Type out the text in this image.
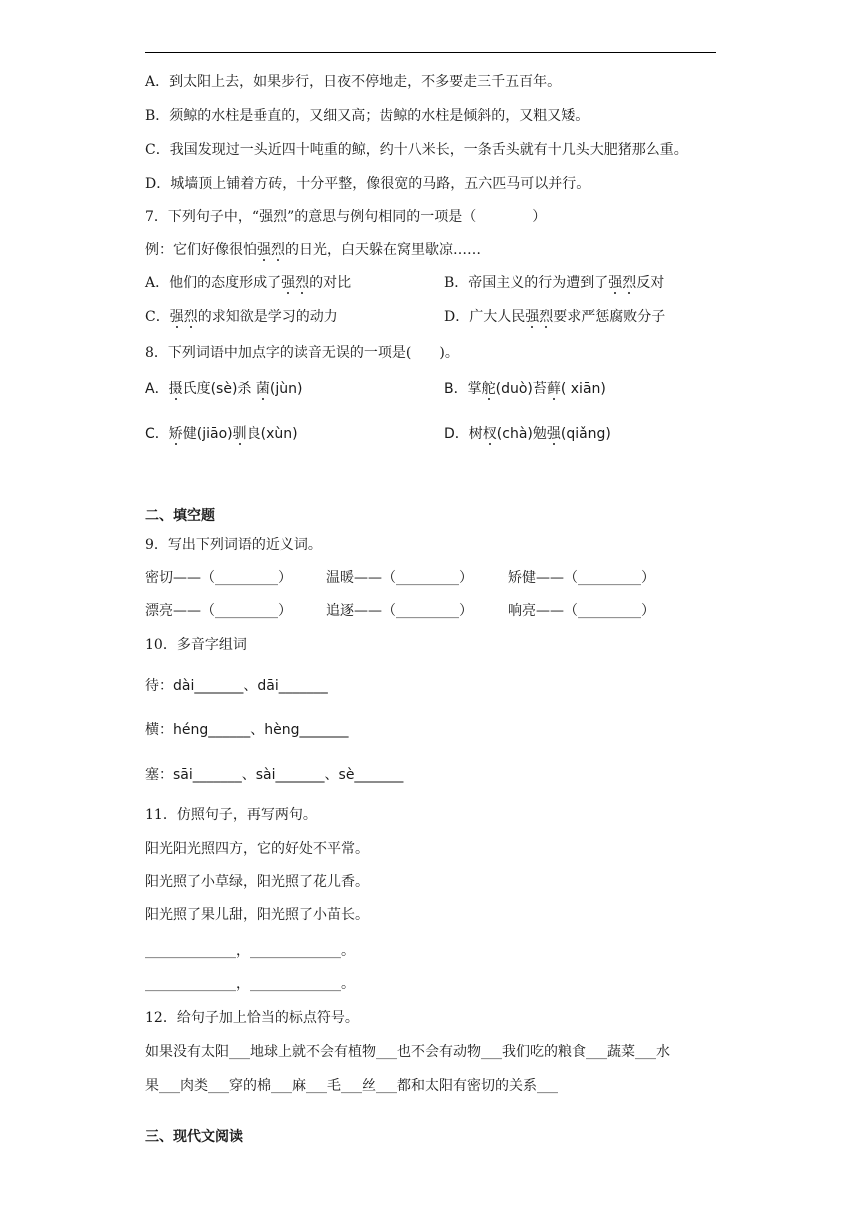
A．到太阳上去，如果步行，日夜不停地走，不多要走三千五百年。
B．须鲸的水柱是垂直的，又细又高；齿鲸的水柱是倾斜的，又粗又矮。
C．我国发现过一头近四十吨重的鲸，约十八米长，一条舌头就有十几头大肥猪那么重。
D．城墙顶上铺着方砖，十分平整，像很宽的马路，五六匹马可以并行。
7．下列句子中，“强烈”的意思与例句相同的一项是（　　　　）
例：它们好像很怕强烈的日光，白天躲在窝里歇凉……
A．他们的态度形成了强烈的对比	B．帝国主义的行为遭到了强烈反对
C．强烈的求知欲是学习的动力	D．广大人民强烈要求严惩腐败分子
8．下列词语中加点字的读音无误的一项是(　　)。
A．摄氏度(sè)杀 菌(jùn)	B．掌舵(duò)苔藓( xiān)
C．矫健(jiāo)驯良(xùn)	D．树杈(chà)勉强(qiǎng)
二、填空题
9．写出下列词语的近义词。
密切——（_________） 温暖——（_________）	矫健——（_________）
漂亮——（_________） 追逐——（_________）	响亮——（_________）
10．多音字组词
待：dài_______、dāi_______
横：héng______、hèng_______
塞：sāi_______、sài_______、sè_______
11．仿照句子，再写两句。
阳光阳光照四方，它的好处不平常。
阳光照了小草绿，阳光照了花儿香。
阳光照了果儿甜，阳光照了小苗长。
_____________，_____________。
_____________，_____________。
12．给句子加上恰当的标点符号。
如果没有太阳___地球上就不会有植物___也不会有动物___我们吃的粮食___蔬菜___水
果___肉类___穿的棉___麻___毛___丝___都和太阳有密切的关系___
三、现代文阅读
